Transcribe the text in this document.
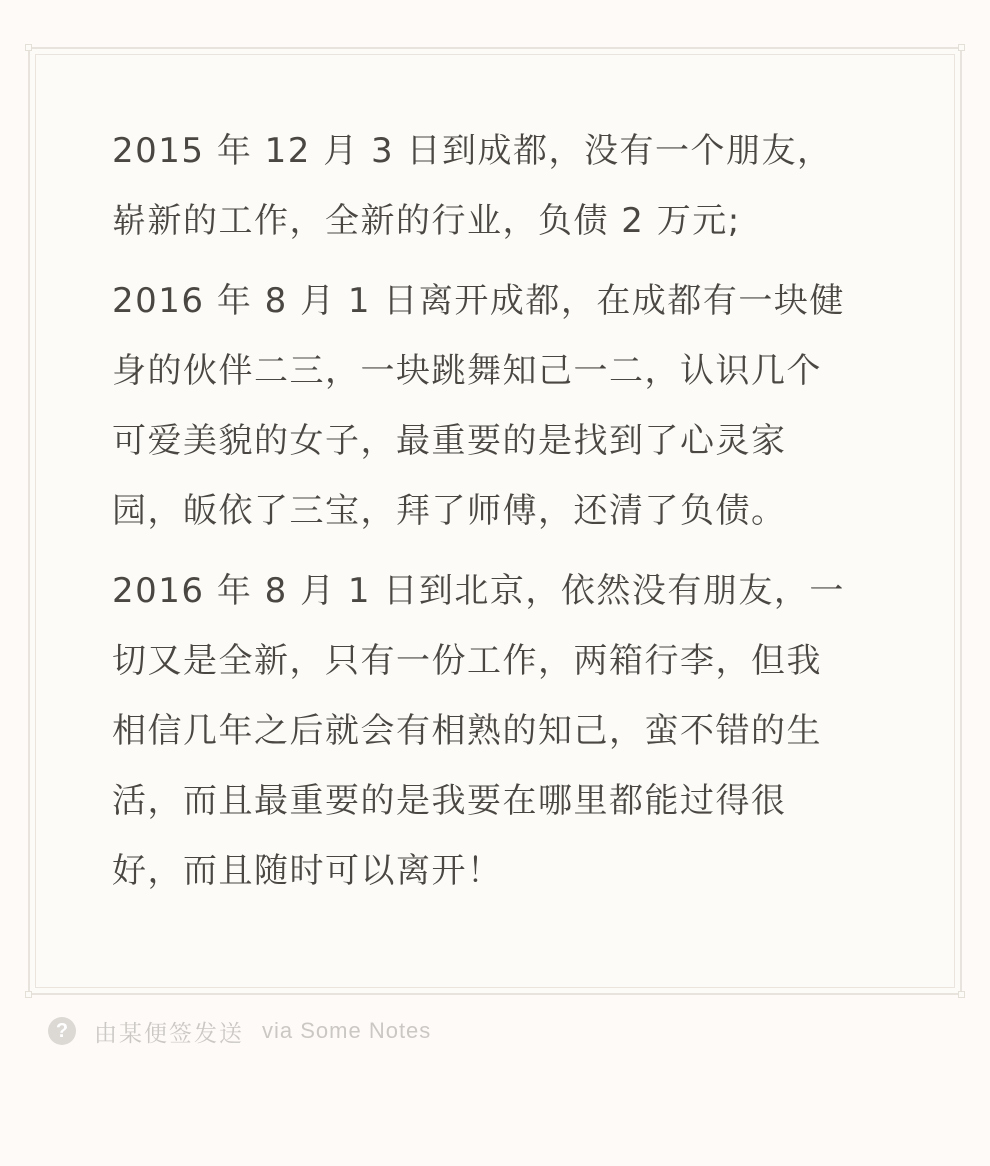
2015 年 12 月 3 日到成都，没有一个朋友，
崭新的工作，全新的行业，负债 2 万元;

2016 年 8 月 1 日离开成都，在成都有一块健
身的伙伴二三，一块跳舞知己一二，认识几个
可爱美貌的女子，最重要的是找到了心灵家
园，皈依了三宝，拜了师傅，还清了负债。

2016 年 8 月 1 日到北京，依然没有朋友，一
切又是全新，只有一份工作，两箱行李，但我
相信几年之后就会有相熟的知己，蛮不错的生
活，而且最重要的是我要在哪里都能过得很
好，而且随时可以离开！

?	由某便签发送 via Some Notes
